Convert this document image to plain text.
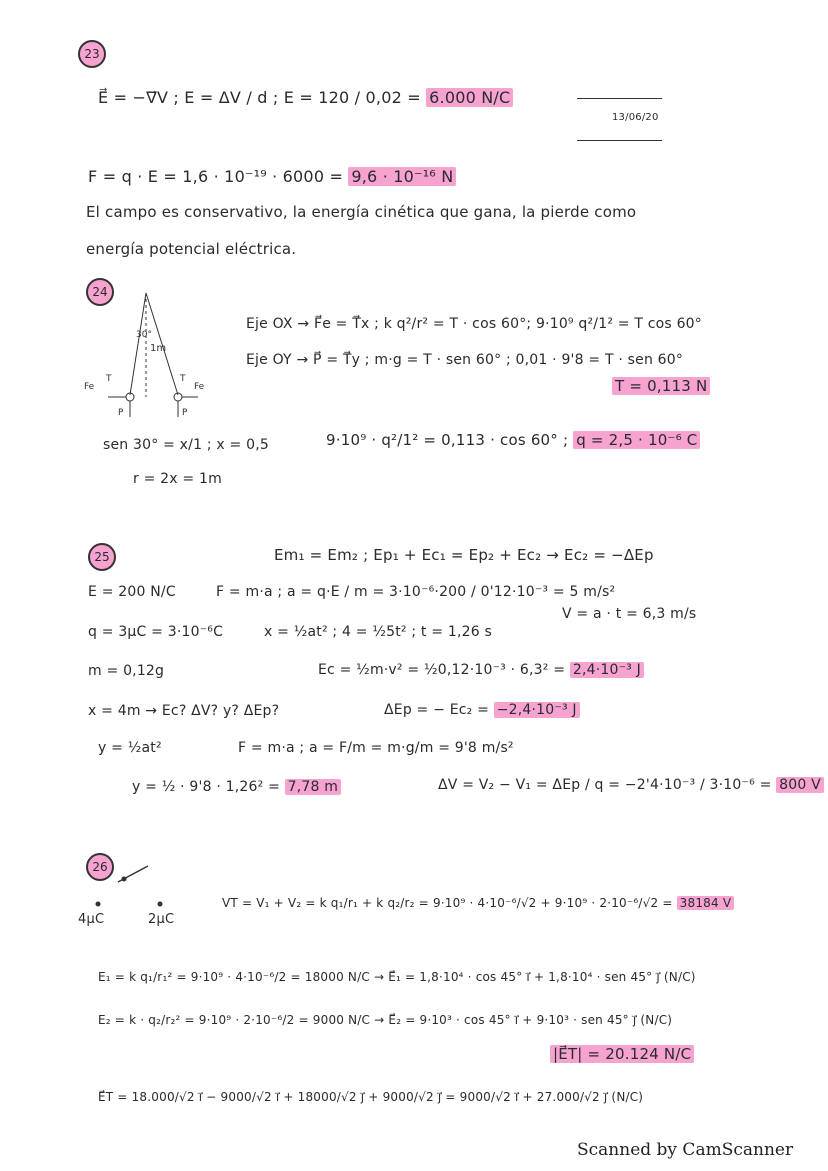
23
E⃗ = −∇⃗V ; E = ΔV / d ; E = 120 / 0,02 = 6.000 N/C
13/06/20
F = q · E = 1,6 · 10⁻¹⁹ · 6000 = 9,6 · 10⁻¹⁶ N
El campo es conservativo, la energía cinética que gana, la pierde como
energía potencial eléctrica.
24
30°
1m
Fe
T	T
Fe
P	P
Eje OX → F⃗e = T⃗x ; k q²/r² = T · cos 60°; 9·10⁹ q²/1² = T cos 60°
Eje OY → P⃗ = T⃗y ; m·g = T · sen 60° ; 0,01 · 9'8 = T · sen 60°
T = 0,113 N
sen 30° = x/1 ; x = 0,5
r = 2x = 1m
9·10⁹ · q²/1² = 0,113 · cos 60° ; q = 2,5 · 10⁻⁶ C
25	Em₁ = Em₂ ; Ep₁ + Ec₁ = Ep₂ + Ec₂ → Ec₂ = −ΔEp
E = 200 N/C	F = m·a ; a = q·E / m = 3·10⁻⁶·200 / 0'12·10⁻³ = 5 m/s²
V = a · t = 6,3 m/s
q = 3μC = 3·10⁻⁶C	x = ½at² ; 4 = ½5t² ; t = 1,26 s
m = 0,12g	Ec = ½m·v² = ½0,12·10⁻³ · 6,3² = 2,4·10⁻³ J
x = 4m → Ec? ΔV? y? ΔEp?	ΔEp = − Ec₂ = −2,4·10⁻³ J
y = ½at²	F = m·a ; a = F/m = m·g/m = 9'8 m/s²
y = ½ · 9'8 · 1,26² = 7,78 m	ΔV = V₂ − V₁ = ΔEp / q = −2'4·10⁻³ / 3·10⁻⁶ = 800 V
26
4μC	2μC
VT = V₁ + V₂ = k q₁/r₁ + k q₂/r₂ = 9·10⁹ · 4·10⁻⁶/√2 + 9·10⁹ · 2·10⁻⁶/√2 = 38184 V
E₁ = k q₁/r₁² = 9·10⁹ · 4·10⁻⁶/2 = 18000 N/C → E⃗₁ = 1,8·10⁴ · cos 45° i⃗ + 1,8·10⁴ · sen 45° j⃗ (N/C)
E₂ = k · q₂/r₂² = 9·10⁹ · 2·10⁻⁶/2 = 9000 N/C → E⃗₂ = 9·10³ · cos 45° i⃗ + 9·10³ · sen 45° j⃗ (N/C)
|E⃗T| = 20.124 N/C
E⃗T = 18.000/√2 i⃗ − 9000/√2 i⃗ + 18000/√2 j⃗ + 9000/√2 j⃗ = 9000/√2 i⃗ + 27.000/√2 j⃗ (N/C)
Scanned by CamScanner
